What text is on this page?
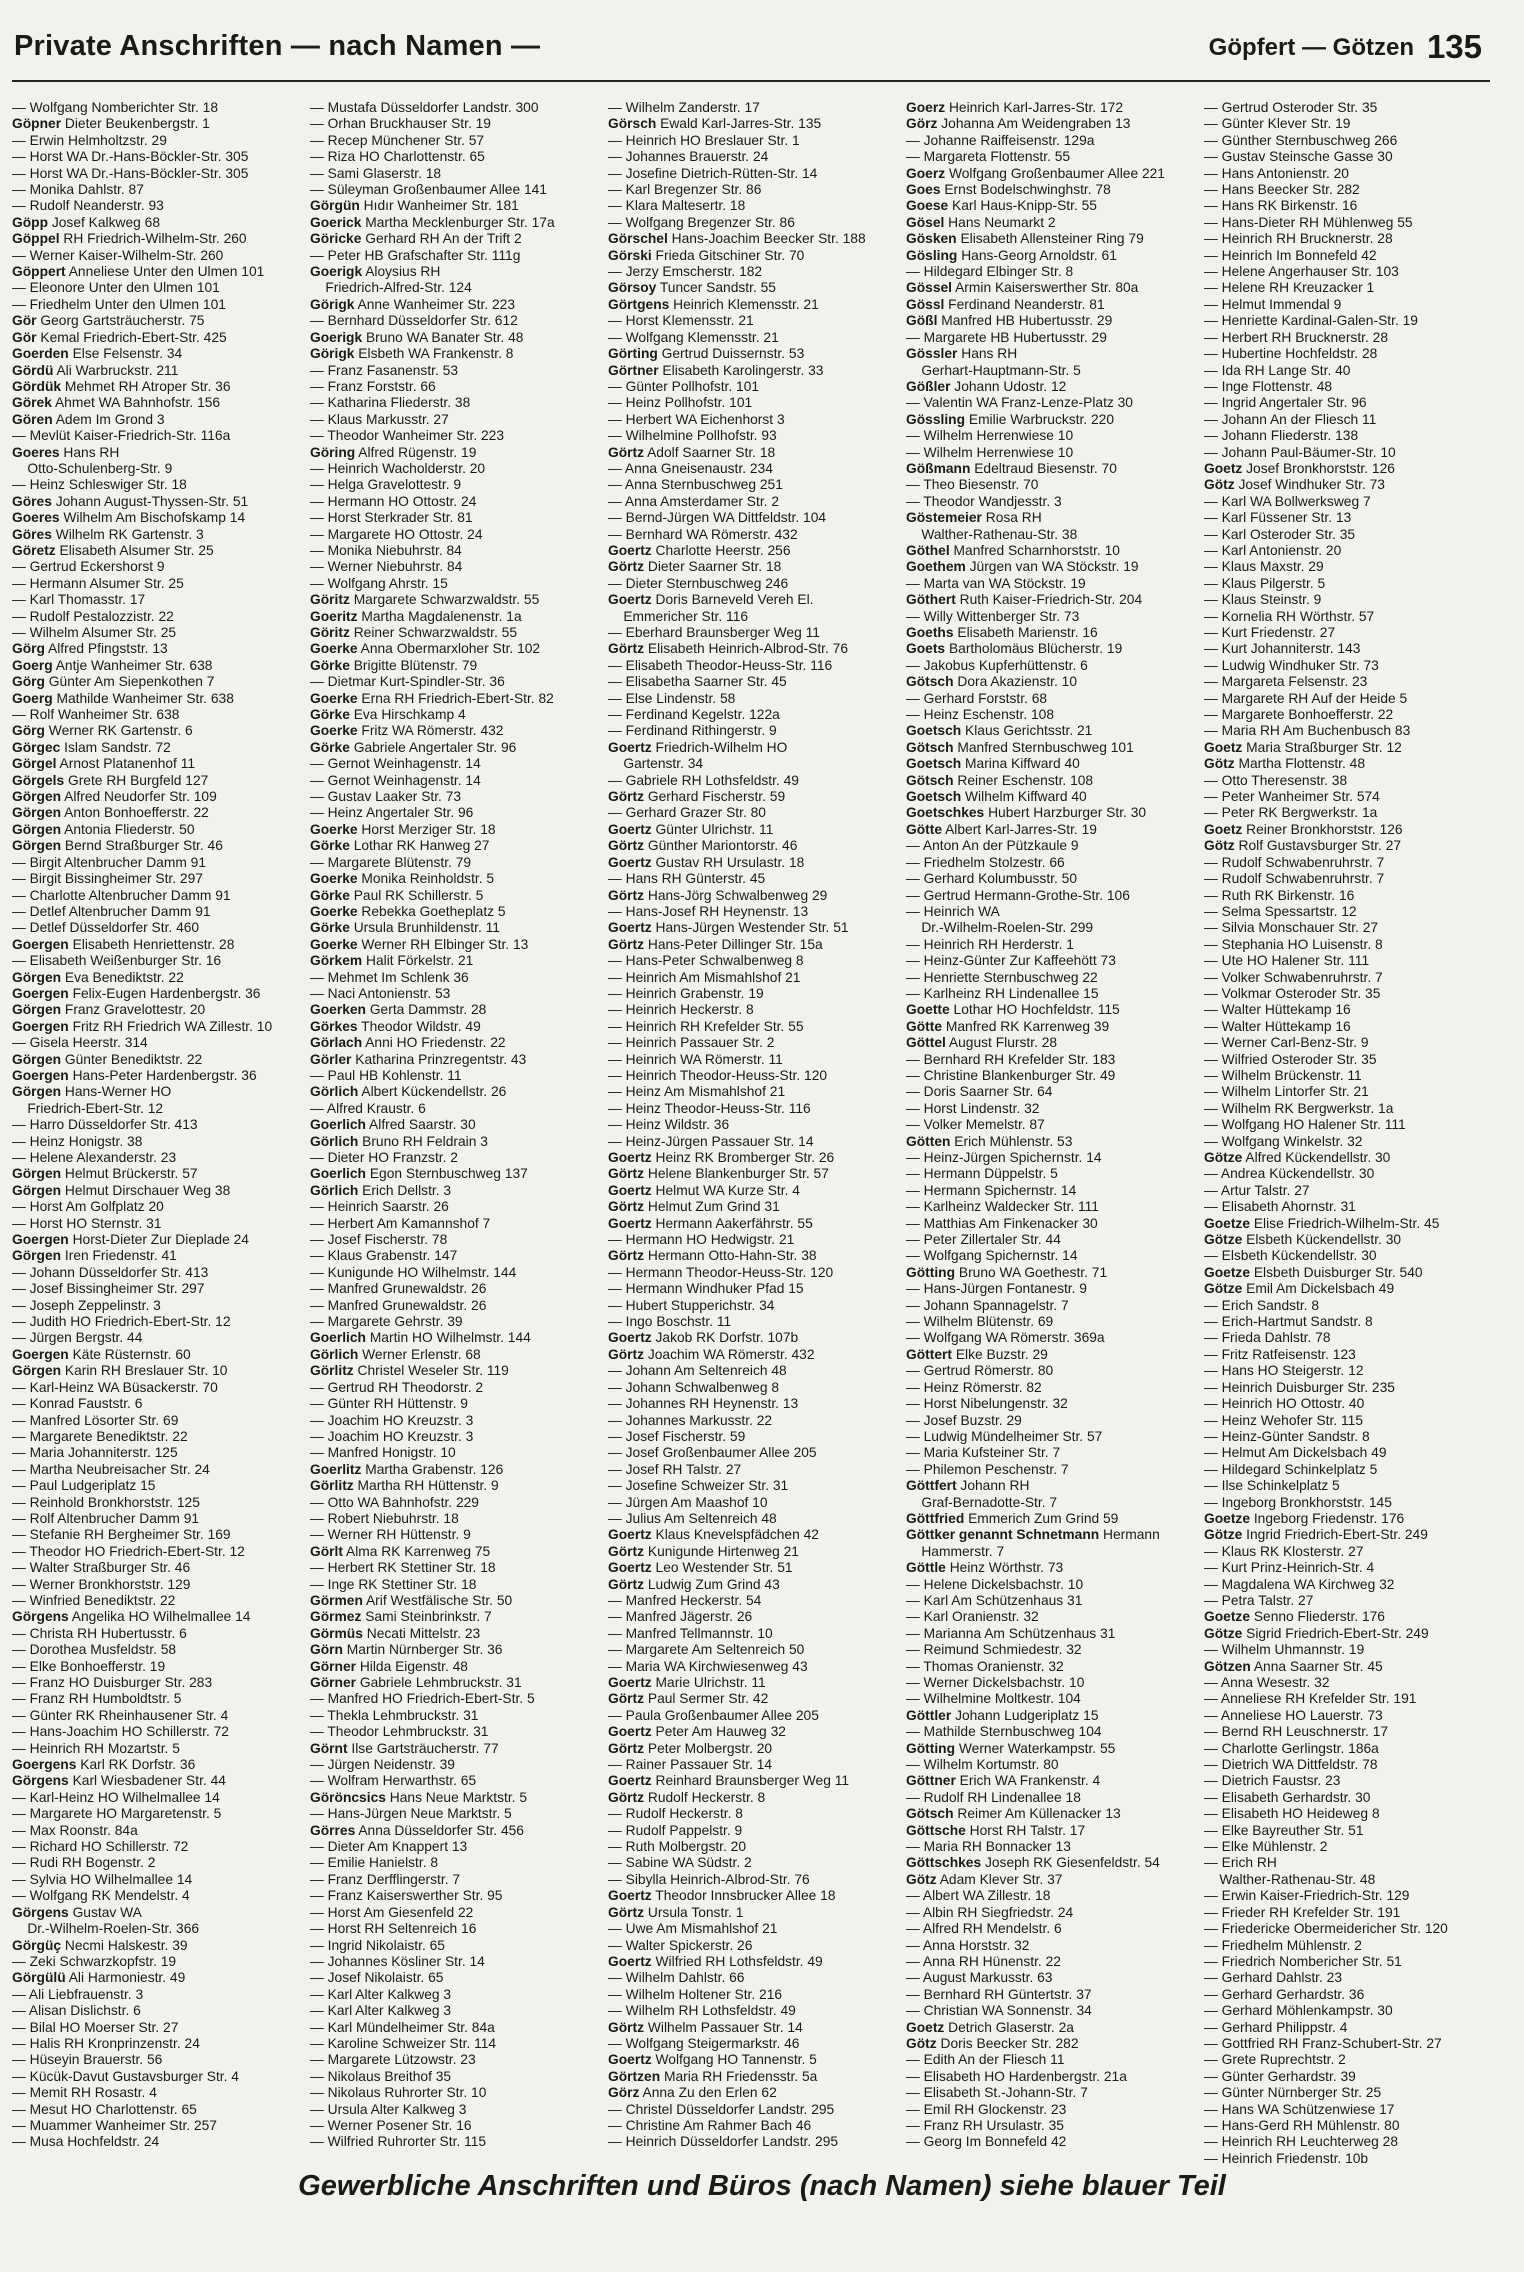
Private Anschriften — nach Namen —	Göpfert — Götzen 135
— Wolfgang Nomberichter Str. 18
Göpner Dieter Beukenbergstr. 1
— Erwin Helmholtzstr. 29
— Horst WA Dr.-Hans-Böckler-Str. 305
— Horst WA Dr.-Hans-Böckler-Str. 305
— Monika Dahlstr. 87
— Rudolf Neanderstr. 93
Göpp Josef Kalkweg 68
Göppel RH Friedrich-Wilhelm-Str. 260
— Werner Kaiser-Wilhelm-Str. 260
Göppert Anneliese Unter den Ulmen 101
— Eleonore Unter den Ulmen 101
— Friedhelm Unter den Ulmen 101
Gör Georg Gartsträucherstr. 75
Gör Kemal Friedrich-Ebert-Str. 425
Goerden Else Felsenstr. 34
Gördü Ali Warbruckstr. 211
Gördük Mehmet RH Atroper Str. 36
Görek Ahmet WA Bahnhofstr. 156
Gören Adem Im Grond 3
— Mevlüt Kaiser-Friedrich-Str. 116a
Goeres Hans RH
Otto-Schulenberg-Str. 9
— Heinz Schleswiger Str. 18
Göres Johann August-Thyssen-Str. 51
Goeres Wilhelm Am Bischofskamp 14
Göres Wilhelm RK Gartenstr. 3
Göretz Elisabeth Alsumer Str. 25
— Gertrud Eckershorst 9
— Hermann Alsumer Str. 25
— Karl Thomasstr. 17
— Rudolf Pestalozzistr. 22
— Wilhelm Alsumer Str. 25
Görg Alfred Pfingststr. 13
Goerg Antje Wanheimer Str. 638
Görg Günter Am Siepenkothen 7
Goerg Mathilde Wanheimer Str. 638
— Rolf Wanheimer Str. 638
Görg Werner RK Gartenstr. 6
Görgec Islam Sandstr. 72
Görgel Arnost Platanenhof 11
Görgels Grete RH Burgfeld 127
Görgen Alfred Neudorfer Str. 109
Görgen Anton Bonhoefferstr. 22
Görgen Antonia Fliederstr. 50
Görgen Bernd Straßburger Str. 46
— Birgit Altenbrucher Damm 91
— Birgit Bissingheimer Str. 297
— Charlotte Altenbrucher Damm 91
— Detlef Altenbrucher Damm 91
— Detlef Düsseldorfer Str. 460
Goergen Elisabeth Henriettenstr. 28
— Elisabeth Weißenburger Str. 16
Görgen Eva Benediktstr. 22
Goergen Felix-Eugen Hardenbergstr. 36
Görgen Franz Gravelottestr. 20
Goergen Fritz RH Friedrich WA Zillestr. 10
— Gisela Heerstr. 314
Görgen Günter Benediktstr. 22
Goergen Hans-Peter Hardenbergstr. 36
Görgen Hans-Werner HO
Friedrich-Ebert-Str. 12
— Harro Düsseldorfer Str. 413
— Heinz Honigstr. 38
— Helene Alexanderstr. 23
Görgen Helmut Brückerstr. 57
Görgen Helmut Dirschauer Weg 38
— Horst Am Golfplatz 20
— Horst HO Sternstr. 31
Goergen Horst-Dieter Zur Dieplade 24
Görgen Iren Friedenstr. 41
— Johann Düsseldorfer Str. 413
— Josef Bissingheimer Str. 297
— Joseph Zeppelinstr. 3
— Judith HO Friedrich-Ebert-Str. 12
— Jürgen Bergstr. 44
Goergen Käte Rüsternstr. 60
Görgen Karin RH Breslauer Str. 10
— Karl-Heinz WA Büsackerstr. 70
— Konrad Fauststr. 6
— Manfred Lösorter Str. 69
— Margarete Benediktstr. 22
— Maria Johanniterstr. 125
— Martha Neubreisacher Str. 24
— Paul Ludgeriplatz 15
— Reinhold Bronkhorststr. 125
— Rolf Altenbrucher Damm 91
— Stefanie RH Bergheimer Str. 169
— Theodor HO Friedrich-Ebert-Str. 12
— Walter Straßburger Str. 46
— Werner Bronkhorststr. 129
— Winfried Benediktstr. 22
Görgens Angelika HO Wilhelmallee 14
— Christa RH Hubertusstr. 6
— Dorothea Musfeldstr. 58
— Elke Bonhoefferstr. 19
— Franz HO Duisburger Str. 283
— Franz RH Humboldtstr. 5
— Günter RK Rheinhausener Str. 4
— Hans-Joachim HO Schillerstr. 72
— Heinrich RH Mozartstr. 5
Goergens Karl RK Dorfstr. 36
Görgens Karl Wiesbadener Str. 44
— Karl-Heinz HO Wilhelmallee 14
— Margarete HO Margaretenstr. 5
— Max Roonstr. 84a
— Richard HO Schillerstr. 72
— Rudi RH Bogenstr. 2
— Sylvia HO Wilhelmallee 14
— Wolfgang RK Mendelstr. 4
Görgens Gustav WA
Dr.-Wilhelm-Roelen-Str. 366
Görgüç Necmi Halskestr. 39
— Zeki Schwarzkopfstr. 19
Görgülü Ali Harmoniestr. 49
— Ali Liebfrauenstr. 3
— Alisan Dislichstr. 6
— Bilal HO Moerser Str. 27
— Halis RH Kronprinzenstr. 24
— Hüseyin Brauerstr. 56
— Kücük-Davut Gustavsburger Str. 4
— Memit RH Rosastr. 4
— Mesut HO Charlottenstr. 65
— Muammer Wanheimer Str. 257
— Musa Hochfeldstr. 24
— Mustafa Düsseldorfer Landstr. 300
— Orhan Bruckhauser Str. 19
— Recep Münchener Str. 57
— Riza HO Charlottenstr. 65
— Sami Glaserstr. 18
— Süleyman Großenbaumer Allee 141
Görgün Hıdır Wanheimer Str. 181
Goerick Martha Mecklenburger Str. 17a
Göricke Gerhard RH An der Trift 2
— Peter HB Grafschafter Str. 111g
Goerigk Aloysius RH
Friedrich-Alfred-Str. 124
Görigk Anne Wanheimer Str. 223
— Bernhard Düsseldorfer Str. 612
Goerigk Bruno WA Banater Str. 48
Görigk Elsbeth WA Frankenstr. 8
— Franz Fasanenstr. 53
— Franz Forststr. 66
— Katharina Fliederstr. 38
— Klaus Markusstr. 27
— Theodor Wanheimer Str. 223
Göring Alfred Rügenstr. 19
— Heinrich Wacholderstr. 20
— Helga Gravelottestr. 9
— Hermann HO Ottostr. 24
— Horst Sterkrader Str. 81
— Margarete HO Ottostr. 24
— Monika Niebuhrstr. 84
— Werner Niebuhrstr. 84
— Wolfgang Ahrstr. 15
Göritz Margarete Schwarzwaldstr. 55
Goeritz Martha Magdalenenstr. 1a
Göritz Reiner Schwarzwaldstr. 55
Goerke Anna Obermarxloher Str. 102
Görke Brigitte Blütenstr. 79
— Dietmar Kurt-Spindler-Str. 36
Goerke Erna RH Friedrich-Ebert-Str. 82
Görke Eva Hirschkamp 4
Goerke Fritz WA Römerstr. 432
Görke Gabriele Angertaler Str. 96
— Gernot Weinhagenstr. 14
— Gernot Weinhagenstr. 14
— Gustav Laaker Str. 73
— Heinz Angertaler Str. 96
Goerke Horst Merziger Str. 18
Görke Lothar RK Hanweg 27
— Margarete Blütenstr. 79
Goerke Monika Reinholdstr. 5
Görke Paul RK Schillerstr. 5
Goerke Rebekka Goetheplatz 5
Görke Ursula Brunhildenstr. 11
Goerke Werner RH Elbinger Str. 13
Görkem Halit Förkelstr. 21
— Mehmet Im Schlenk 36
— Naci Antonienstr. 53
Goerken Gerta Dammstr. 28
Görkes Theodor Wildstr. 49
Görlach Anni HO Friedenstr. 22
Görler Katharina Prinzregentstr. 43
— Paul HB Kohlenstr. 11
Görlich Albert Kückendellstr. 26
— Alfred Kraustr. 6
Goerlich Alfred Saarstr. 30
Görlich Bruno RH Feldrain 3
— Dieter HO Franzstr. 2
Goerlich Egon Sternbuschweg 137
Görlich Erich Dellstr. 3
— Heinrich Saarstr. 26
— Herbert Am Kamannshof 7
— Josef Fischerstr. 78
— Klaus Grabenstr. 147
— Kunigunde HO Wilhelmstr. 144
— Manfred Grunewaldstr. 26
— Manfred Grunewaldstr. 26
— Margarete Gehrstr. 39
Goerlich Martin HO Wilhelmstr. 144
Görlich Werner Erlenstr. 68
Görlitz Christel Weseler Str. 119
— Gertrud RH Theodorstr. 2
— Günter RH Hüttenstr. 9
— Joachim HO Kreuzstr. 3
— Joachim HO Kreuzstr. 3
— Manfred Honigstr. 10
Goerlitz Martha Grabenstr. 126
Görlitz Martha RH Hüttenstr. 9
— Otto WA Bahnhofstr. 229
— Robert Niebuhrstr. 18
— Werner RH Hüttenstr. 9
Görlt Alma RK Karrenweg 75
— Herbert RK Stettiner Str. 18
— Inge RK Stettiner Str. 18
Görmen Arif Westfälische Str. 50
Görmez Sami Steinbrinkstr. 7
Görmüs Necati Mittelstr. 23
Görn Martin Nürnberger Str. 36
Görner Hilda Eigenstr. 48
Görner Gabriele Lehmbruckstr. 31
— Manfred HO Friedrich-Ebert-Str. 5
— Thekla Lehmbruckstr. 31
— Theodor Lehmbruckstr. 31
Görnt Ilse Gartsträucherstr. 77
— Jürgen Neidenstr. 39
— Wolfram Herwarthstr. 65
Göröncsics Hans Neue Marktstr. 5
— Hans-Jürgen Neue Marktstr. 5
Görres Anna Düsseldorfer Str. 456
— Dieter Am Knappert 13
— Emilie Hanielstr. 8
— Franz Derfflingerstr. 7
— Franz Kaiserswerther Str. 95
— Horst Am Giesenfeld 22
— Horst RH Seltenreich 16
— Ingrid Nikolaistr. 65
— Johannes Kösliner Str. 14
— Josef Nikolaistr. 65
— Karl Alter Kalkweg 3
— Karl Alter Kalkweg 3
— Karl Mündelheimer Str. 84a
— Karoline Schweizer Str. 114
— Margarete Lützowstr. 23
— Nikolaus Breithof 35
— Nikolaus Ruhrorter Str. 10
— Ursula Alter Kalkweg 3
— Werner Posener Str. 16
— Wilfried Ruhrorter Str. 115
— Wilhelm Zanderstr. 17
Görsch Ewald Karl-Jarres-Str. 135
— Heinrich HO Breslauer Str. 1
— Johannes Brauerstr. 24
— Josefine Dietrich-Rütten-Str. 14
— Karl Bregenzer Str. 86
— Klara Maltesertr. 18
— Wolfgang Bregenzer Str. 86
Görschel Hans-Joachim Beecker Str. 188
Görski Frieda Gitschiner Str. 70
— Jerzy Emscherstr. 182
Görsoy Tuncer Sandstr. 55
Görtgens Heinrich Klemensstr. 21
— Horst Klemensstr. 21
— Wolfgang Klemensstr. 21
Görting Gertrud Duissernstr. 53
Görtner Elisabeth Karolingerstr. 33
— Günter Pollhofstr. 101
— Heinz Pollhofstr. 101
— Herbert WA Eichenhorst 3
— Wilhelmine Pollhofstr. 93
Görtz Adolf Saarner Str. 18
— Anna Gneisenaustr. 234
— Anna Sternbuschweg 251
— Anna Amsterdamer Str. 2
— Bernd-Jürgen WA Dittfeldstr. 104
— Bernhard WA Römerstr. 432
Goertz Charlotte Heerstr. 256
Görtz Dieter Saarner Str. 18
— Dieter Sternbuschweg 246
Goertz Doris Barneveld Vereh El.
Emmericher Str. 116
— Eberhard Braunsberger Weg 11
Görtz Elisabeth Heinrich-Albrod-Str. 76
— Elisabeth Theodor-Heuss-Str. 116
— Elisabetha Saarner Str. 45
— Else Lindenstr. 58
— Ferdinand Kegelstr. 122a
— Ferdinand Rithingerstr. 9
Goertz Friedrich-Wilhelm HO
Gartenstr. 34
— Gabriele RH Lothsfeldstr. 49
Görtz Gerhard Fischerstr. 59
— Gerhard Grazer Str. 80
Goertz Günter Ulrichstr. 11
Görtz Günther Mariontorstr. 46
Goertz Gustav RH Ursulastr. 18
— Hans RH Günterstr. 45
Görtz Hans-Jörg Schwalbenweg 29
— Hans-Josef RH Heynenstr. 13
Goertz Hans-Jürgen Westender Str. 51
Görtz Hans-Peter Dillinger Str. 15a
— Hans-Peter Schwalbenweg 8
— Heinrich Am Mismahlshof 21
— Heinrich Grabenstr. 19
— Heinrich Heckerstr. 8
— Heinrich RH Krefelder Str. 55
— Heinrich Passauer Str. 2
— Heinrich WA Römerstr. 11
— Heinrich Theodor-Heuss-Str. 120
— Heinz Am Mismahlshof 21
— Heinz Theodor-Heuss-Str. 116
— Heinz Wildstr. 36
— Heinz-Jürgen Passauer Str. 14
Goertz Heinz RK Bromberger Str. 26
Görtz Helene Blankenburger Str. 57
Goertz Helmut WA Kurze Str. 4
Görtz Helmut Zum Grind 31
Goertz Hermann Aakerfährstr. 55
— Hermann HO Hedwigstr. 21
Görtz Hermann Otto-Hahn-Str. 38
— Hermann Theodor-Heuss-Str. 120
— Hermann Windhuker Pfad 15
— Hubert Stupperichstr. 34
— Ingo Boschstr. 11
Goertz Jakob RK Dorfstr. 107b
Görtz Joachim WA Römerstr. 432
— Johann Am Seltenreich 48
— Johann Schwalbenweg 8
— Johannes RH Heynenstr. 13
— Johannes Markusstr. 22
— Josef Fischerstr. 59
— Josef Großenbaumer Allee 205
— Josef RH Talstr. 27
— Josefine Schweizer Str. 31
— Jürgen Am Maashof 10
— Julius Am Seltenreich 48
Goertz Klaus Knevelspfädchen 42
Görtz Kunigunde Hirtenweg 21
Goertz Leo Westender Str. 51
Görtz Ludwig Zum Grind 43
— Manfred Heckerstr. 54
— Manfred Jägerstr. 26
— Manfred Tellmannstr. 10
— Margarete Am Seltenreich 50
— Maria WA Kirchwiesenweg 43
Goertz Marie Ulrichstr. 11
Görtz Paul Sermer Str. 42
— Paula Großenbaumer Allee 205
Goertz Peter Am Hauweg 32
Görtz Peter Molbergstr. 20
— Rainer Passauer Str. 14
Goertz Reinhard Braunsberger Weg 11
Görtz Rudolf Heckerstr. 8
— Rudolf Heckerstr. 8
— Rudolf Pappelstr. 9
— Ruth Molbergstr. 20
— Sabine WA Südstr. 2
— Sibylla Heinrich-Albrod-Str. 76
Goertz Theodor Innsbrucker Allee 18
Görtz Ursula Tonstr. 1
— Uwe Am Mismahlshof 21
— Walter Spickerstr. 26
Goertz Wilfried RH Lothsfeldstr. 49
— Wilhelm Dahlstr. 66
— Wilhelm Holtener Str. 216
— Wilhelm RH Lothsfeldstr. 49
Görtz Wilhelm Passauer Str. 14
— Wolfgang Steigermarkstr. 46
Goertz Wolfgang HO Tannenstr. 5
Görtzen Maria RH Friedensstr. 5a
Görz Anna Zu den Erlen 62
— Christel Düsseldorfer Landstr. 295
— Christine Am Rahmer Bach 46
— Heinrich Düsseldorfer Landstr. 295
Goerz Heinrich Karl-Jarres-Str. 172
Görz Johanna Am Weidengraben 13
— Johanne Raiffeisenstr. 129a
— Margareta Flottenstr. 55
Goerz Wolfgang Großenbaumer Allee 221
Goes Ernst Bodelschwinghstr. 78
Goese Karl Haus-Knipp-Str. 55
Gösel Hans Neumarkt 2
Gösken Elisabeth Allensteiner Ring 79
Gösling Hans-Georg Arnoldstr. 61
— Hildegard Elbinger Str. 8
Gössel Armin Kaiserswerther Str. 80a
Gössl Ferdinand Neanderstr. 81
Gößl Manfred HB Hubertusstr. 29
— Margarete HB Hubertusstr. 29
Gössler Hans RH
Gerhart-Hauptmann-Str. 5
Gößler Johann Udostr. 12
— Valentin WA Franz-Lenze-Platz 30
Gössling Emilie Warbruckstr. 220
— Wilhelm Herrenwiese 10
— Wilhelm Herrenwiese 10
Gößmann Edeltraud Biesenstr. 70
— Theo Biesenstr. 70
— Theodor Wandjesstr. 3
Göstemeier Rosa RH
Walther-Rathenau-Str. 38
Göthel Manfred Scharnhorststr. 10
Goethem Jürgen van WA Stöckstr. 19
— Marta van WA Stöckstr. 19
Göthert Ruth Kaiser-Friedrich-Str. 204
— Willy Wittenberger Str. 73
Goeths Elisabeth Marienstr. 16
Goets Bartholomäus Blücherstr. 19
— Jakobus Kupferhüttenstr. 6
Götsch Dora Akazienstr. 10
— Gerhard Forststr. 68
— Heinz Eschenstr. 108
Goetsch Klaus Gerichtsstr. 21
Götsch Manfred Sternbuschweg 101
Goetsch Marina Kiffward 40
Götsch Reiner Eschenstr. 108
Goetsch Wilhelm Kiffward 40
Goetschkes Hubert Harzburger Str. 30
Götte Albert Karl-Jarres-Str. 19
— Anton An der Pützkaule 9
— Friedhelm Stolzestr. 66
— Gerhard Kolumbusstr. 50
— Gertrud Hermann-Grothe-Str. 106
— Heinrich WA
Dr.-Wilhelm-Roelen-Str. 299
— Heinrich RH Herderstr. 1
— Heinz-Günter Zur Kaffeehött 73
— Henriette Sternbuschweg 22
— Karlheinz RH Lindenallee 15
Goette Lothar HO Hochfeldstr. 115
Götte Manfred RK Karrenweg 39
Göttel August Flurstr. 28
— Bernhard RH Krefelder Str. 183
— Christine Blankenburger Str. 49
— Doris Saarner Str. 64
— Horst Lindenstr. 32
— Volker Memelstr. 87
Götten Erich Mühlenstr. 53
— Heinz-Jürgen Spichernstr. 14
— Hermann Düppelstr. 5
— Hermann Spichernstr. 14
— Karlheinz Waldecker Str. 111
— Matthias Am Finkenacker 30
— Peter Zillertaler Str. 44
— Wolfgang Spichernstr. 14
Götting Bruno WA Goethestr. 71
— Hans-Jürgen Fontanestr. 9
— Johann Spannagelstr. 7
— Wilhelm Blütenstr. 69
— Wolfgang WA Römerstr. 369a
Göttert Elke Buzstr. 29
— Gertrud Römerstr. 80
— Heinz Römerstr. 82
— Horst Nibelungenstr. 32
— Josef Buzstr. 29
— Ludwig Mündelheimer Str. 57
— Maria Kufsteiner Str. 7
— Philemon Peschenstr. 7
Göttfert Johann RH
Graf-Bernadotte-Str. 7
Göttfried Emmerich Zum Grind 59
Göttker genannt Schnetmann Hermann
Hammerstr. 7
Göttle Heinz Wörthstr. 73
— Helene Dickelsbachstr. 10
— Karl Am Schützenhaus 31
— Karl Oranienstr. 32
— Marianna Am Schützenhaus 31
— Reimund Schmiedestr. 32
— Thomas Oranienstr. 32
— Werner Dickelsbachstr. 10
— Wilhelmine Moltkestr. 104
Göttler Johann Ludgeriplatz 15
— Mathilde Sternbuschweg 104
Götting Werner Waterkampstr. 55
— Wilhelm Kortumstr. 80
Göttner Erich WA Frankenstr. 4
— Rudolf RH Lindenallee 18
Götsch Reimer Am Küllenacker 13
Göttsche Horst RH Talstr. 17
— Maria RH Bonnacker 13
Göttschkes Joseph RK Giesenfeldstr. 54
Götz Adam Klever Str. 37
— Albert WA Zillestr. 18
— Albin RH Siegfriedstr. 24
— Alfred RH Mendelstr. 6
— Anna Horststr. 32
— Anna RH Hünenstr. 22
— August Markusstr. 63
— Bernhard RH Güntertstr. 37
— Christian WA Sonnenstr. 34
Goetz Detrich Glaserstr. 2a
Götz Doris Beecker Str. 282
— Edith An der Fliesch 11
— Elisabeth HO Hardenbergstr. 21a
— Elisabeth St.-Johann-Str. 7
— Emil RH Glockenstr. 23
— Franz RH Ursulastr. 35
— Georg Im Bonnefeld 42
— Gertrud Osteroder Str. 35
— Günter Klever Str. 19
— Günther Sternbuschweg 266
— Gustav Steinsche Gasse 30
— Hans Antonienstr. 20
— Hans Beecker Str. 282
— Hans RK Birkenstr. 16
— Hans-Dieter RH Mühlenweg 55
— Heinrich RH Brucknerstr. 28
— Heinrich Im Bonnefeld 42
— Helene Angerhauser Str. 103
— Helene RH Kreuzacker 1
— Helmut Immendal 9
— Henriette Kardinal-Galen-Str. 19
— Herbert RH Brucknerstr. 28
— Hubertine Hochfeldstr. 28
— Ida RH Lange Str. 40
— Inge Flottenstr. 48
— Ingrid Angertaler Str. 96
— Johann An der Fliesch 11
— Johann Fliederstr. 138
— Johann Paul-Bäumer-Str. 10
Goetz Josef Bronkhorststr. 126
Götz Josef Windhuker Str. 73
— Karl WA Bollwerksweg 7
— Karl Füssener Str. 13
— Karl Osteroder Str. 35
— Karl Antonienstr. 20
— Klaus Maxstr. 29
— Klaus Pilgerstr. 5
— Klaus Steinstr. 9
— Kornelia RH Wörthstr. 57
— Kurt Friedenstr. 27
— Kurt Johanniterstr. 143
— Ludwig Windhuker Str. 73
— Margareta Felsenstr. 23
— Margarete RH Auf der Heide 5
— Margarete Bonhoefferstr. 22
— Maria RH Am Buchenbusch 83
Goetz Maria Straßburger Str. 12
Götz Martha Flottenstr. 48
— Otto Theresenstr. 38
— Peter Wanheimer Str. 574
— Peter RK Bergwerkstr. 1a
Goetz Reiner Bronkhorststr. 126
Götz Rolf Gustavsburger Str. 27
— Rudolf Schwabenruhrstr. 7
— Rudolf Schwabenruhrstr. 7
— Ruth RK Birkenstr. 16
— Selma Spessartstr. 12
— Silvia Monschauer Str. 27
— Stephania HO Luisenstr. 8
— Ute HO Halener Str. 111
— Volker Schwabenruhrstr. 7
— Volkmar Osteroder Str. 35
— Walter Hüttekamp 16
— Walter Hüttekamp 16
— Werner Carl-Benz-Str. 9
— Wilfried Osteroder Str. 35
— Wilhelm Brückenstr. 11
— Wilhelm Lintorfer Str. 21
— Wilhelm RK Bergwerkstr. 1a
— Wolfgang HO Halener Str. 111
— Wolfgang Winkelstr. 32
Götze Alfred Kückendellstr. 30
— Andrea Kückendellstr. 30
— Artur Talstr. 27
— Elisabeth Ahornstr. 31
Goetze Elise Friedrich-Wilhelm-Str. 45
Götze Elsbeth Kückendellstr. 30
— Elsbeth Kückendellstr. 30
Goetze Elsbeth Duisburger Str. 540
Götze Emil Am Dickelsbach 49
— Erich Sandstr. 8
— Erich-Hartmut Sandstr. 8
— Frieda Dahlstr. 78
— Fritz Ratfeisenstr. 123
— Hans HO Steigerstr. 12
— Heinrich Duisburger Str. 235
— Heinrich HO Ottostr. 40
— Heinz Wehofer Str. 115
— Heinz-Günter Sandstr. 8
— Helmut Am Dickelsbach 49
— Hildegard Schinkelplatz 5
— Ilse Schinkelplatz 5
— Ingeborg Bronkhorststr. 145
Goetze Ingeborg Friedenstr. 176
Götze Ingrid Friedrich-Ebert-Str. 249
— Klaus RK Klosterstr. 27
— Kurt Prinz-Heinrich-Str. 4
— Magdalena WA Kirchweg 32
— Petra Talstr. 27
Goetze Senno Fliederstr. 176
Götze Sigrid Friedrich-Ebert-Str. 249
— Wilhelm Uhmannstr. 19
Götzen Anna Saarner Str. 45
— Anna Wesestr. 32
— Anneliese RH Krefelder Str. 191
— Anneliese HO Lauerstr. 73
— Bernd RH Leuschnerstr. 17
— Charlotte Gerlingstr. 186a
— Dietrich WA Dittfeldstr. 78
— Dietrich Faustsr. 23
— Elisabeth Gerhardstr. 30
— Elisabeth HO Heideweg 8
— Elke Bayreuther Str. 51
— Elke Mühlenstr. 2
— Erich RH
Walther-Rathenau-Str. 48
— Erwin Kaiser-Friedrich-Str. 129
— Frieder RH Krefelder Str. 191
— Friedericke Obermeidericher Str. 120
— Friedhelm Mühlenstr. 2
— Friedrich Nombericher Str. 51
— Gerhard Dahlstr. 23
— Gerhard Gerhardstr. 36
— Gerhard Möhlenkampstr. 30
— Gerhard Philippstr. 4
— Gottfried RH Franz-Schubert-Str. 27
— Grete Ruprechtstr. 2
— Günter Gerhardstr. 39
— Günter Nürnberger Str. 25
— Hans WA Schützenwiese 17
— Hans-Gerd RH Mühlenstr. 80
— Heinrich RH Leuchterweg 28
— Heinrich Friedenstr. 10b
Gewerbliche Anschriften und Büros (nach Namen) siehe blauer Teil
